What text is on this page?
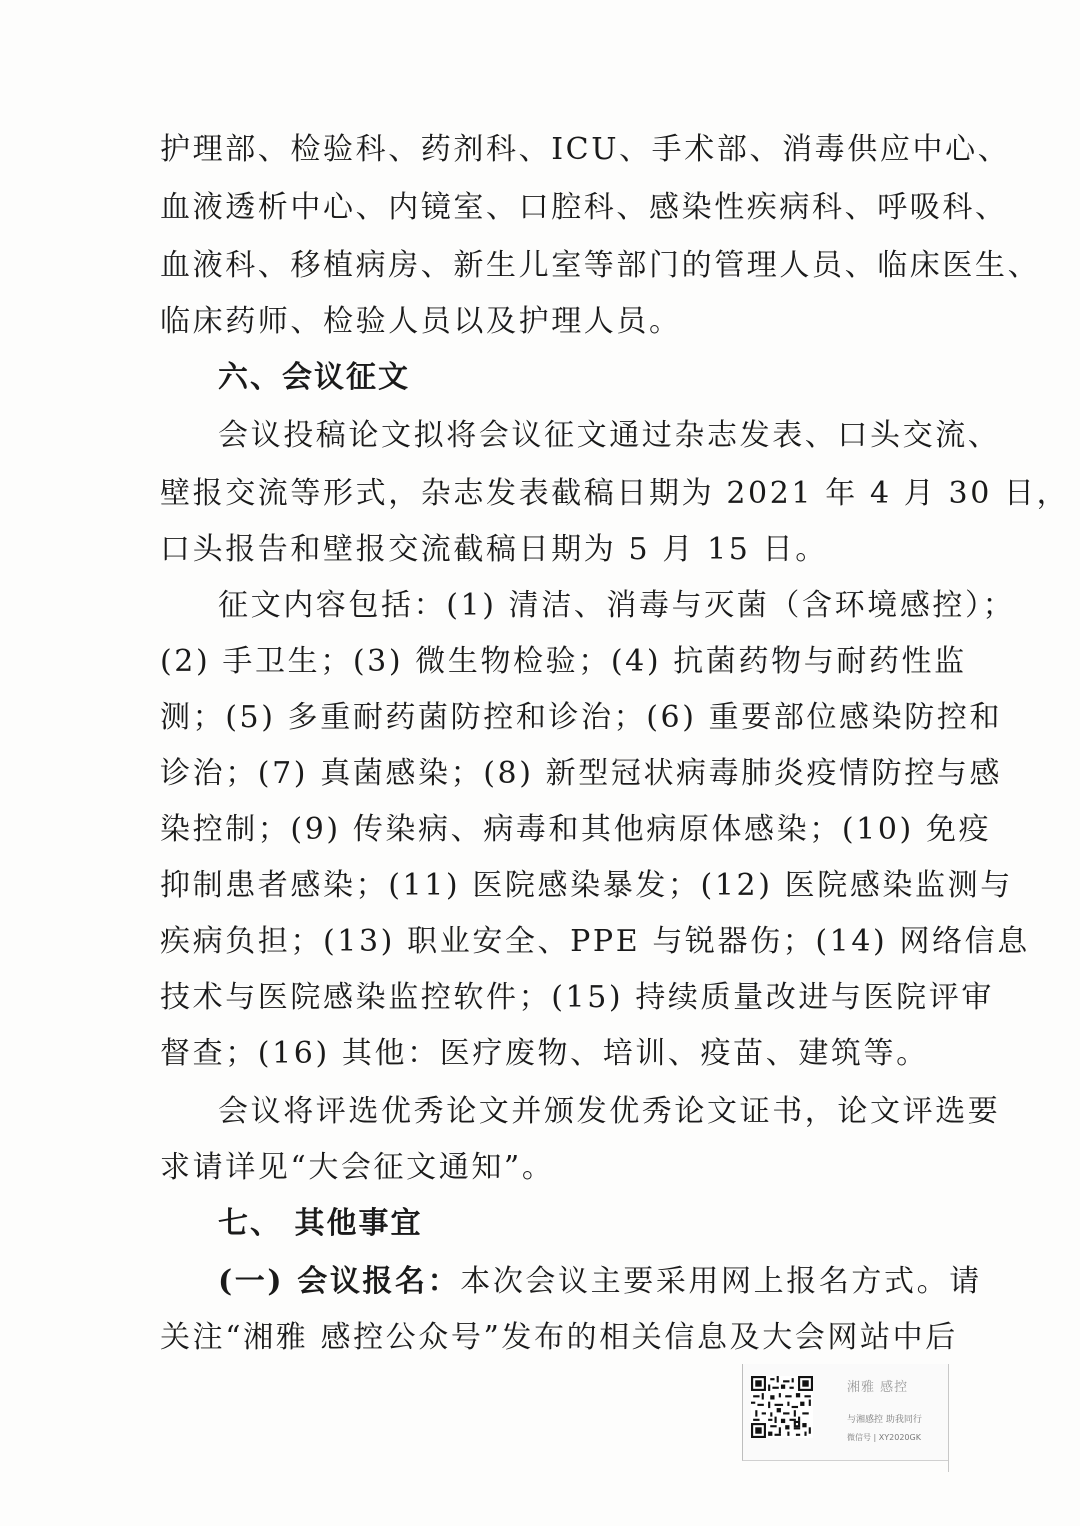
护理部、检验科、药剂科、ICU、手术部、消毒供应中心、
血液透析中心、内镜室、口腔科、感染性疾病科、呼吸科、
血液科、移植病房、新生儿室等部门的管理人员、临床医生、
临床药师、检验人员以及护理人员。
六、会议征文
会议投稿论文拟将会议征文通过杂志发表、口头交流、
壁报交流等形式，杂志发表截稿日期为 2021 年 4 月 30 日，
口头报告和壁报交流截稿日期为 5 月 15 日。
征文内容包括：(1) 清洁、消毒与灭菌（含环境感控）；
(2) 手卫生；(3) 微生物检验；(4) 抗菌药物与耐药性监
测；(5) 多重耐药菌防控和诊治；(6) 重要部位感染防控和
诊治；(7) 真菌感染；(8) 新型冠状病毒肺炎疫情防控与感
染控制；(9) 传染病、病毒和其他病原体感染；(10) 免疫
抑制患者感染；(11) 医院感染暴发；(12) 医院感染监测与
疾病负担；(13) 职业安全、PPE 与锐器伤；(14) 网络信息
技术与医院感染监控软件；(15) 持续质量改进与医院评审
督查；(16) 其他：医疗废物、培训、疫苗、建筑等。
会议将评选优秀论文并颁发优秀论文证书，论文评选要
求请详见“大会征文通知”。
七、 其他事宜
(一) 会议报名：本次会议主要采用网上报名方式。请
关注“湘雅 感控公众号”发布的相关信息及大会网站中后
湘雅 感控
与湘感控 助我同行
微信号 | XY2020GK
